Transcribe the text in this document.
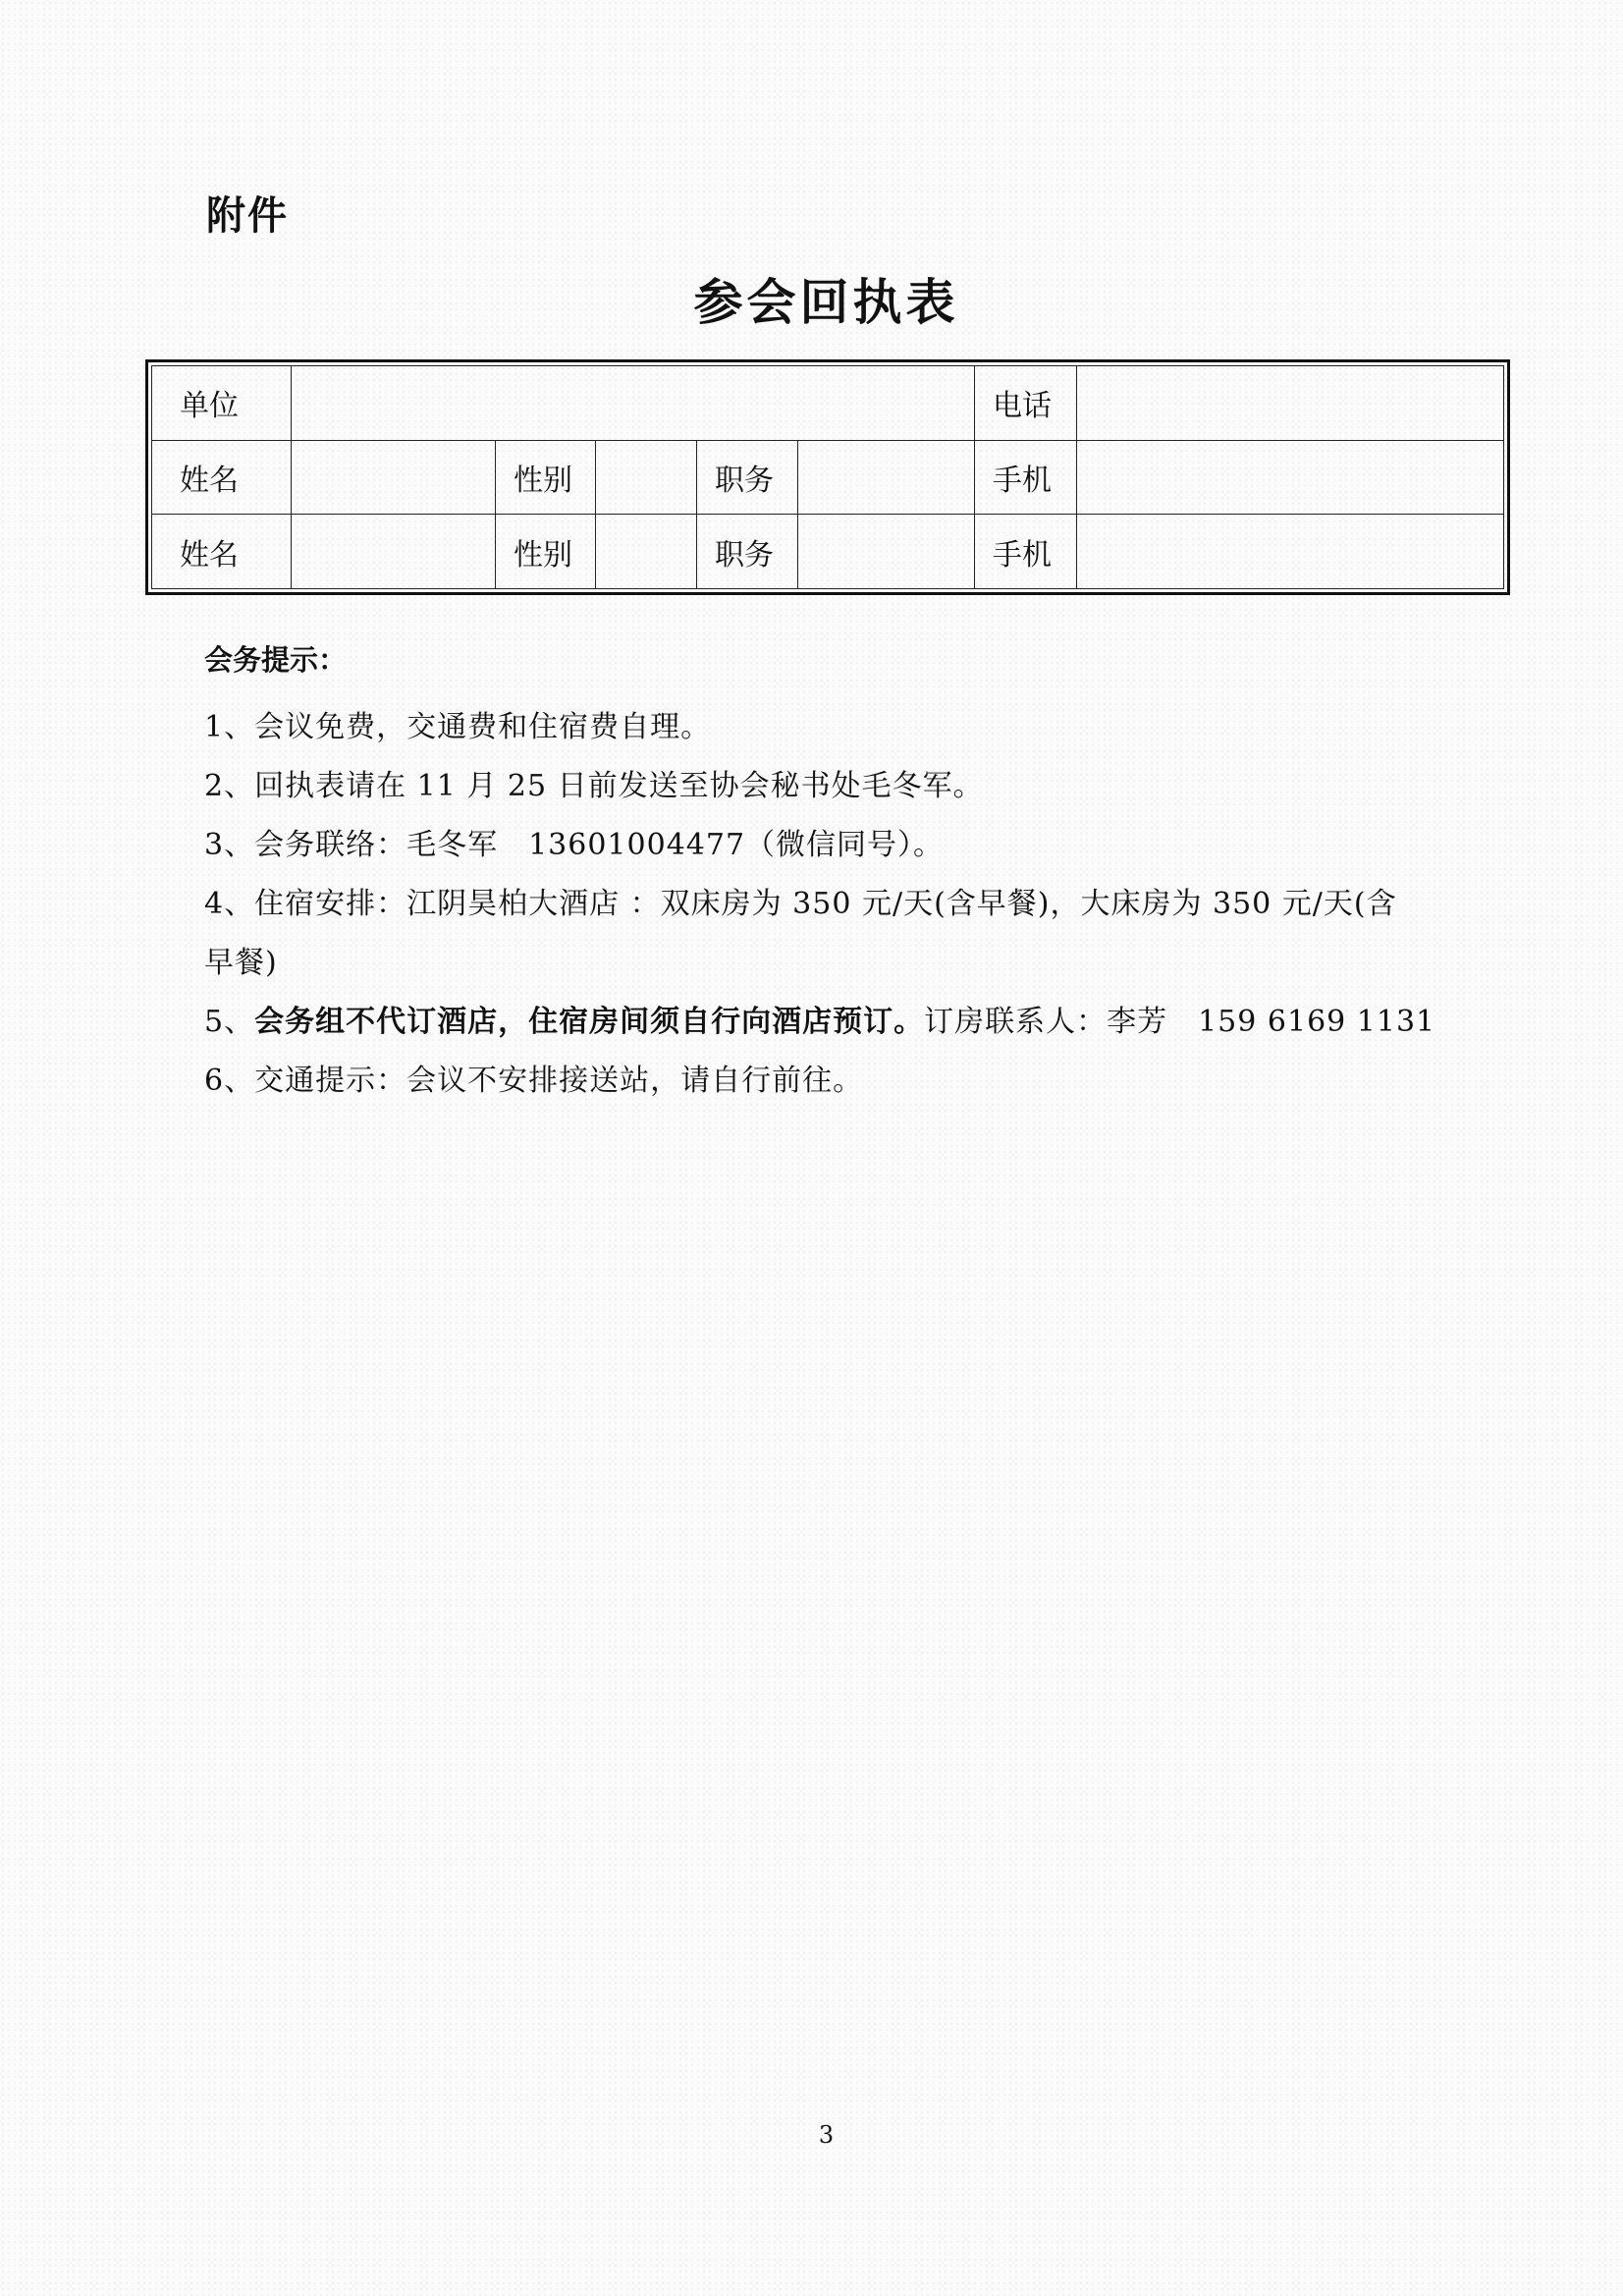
附件
参会回执表
单位						电话	
姓名		性别		职务		手机	
姓名		性别		职务		手机	
会务提示：
1、会议免费，交通费和住宿费自理。
2、回执表请在 11 月 25 日前发送至协会秘书处毛冬军。
3、会务联络：毛冬军　13601004477（微信同号）。
4、住宿安排：江阴昊柏大酒店 ：双床房为 350 元/天(含早餐)，大床房为 350 元/天(含
早餐)
5、会务组不代订酒店，住宿房间须自行向酒店预订。订房联系人：李芳　159 6169 1131
6、交通提示：会议不安排接送站，请自行前往。
3
